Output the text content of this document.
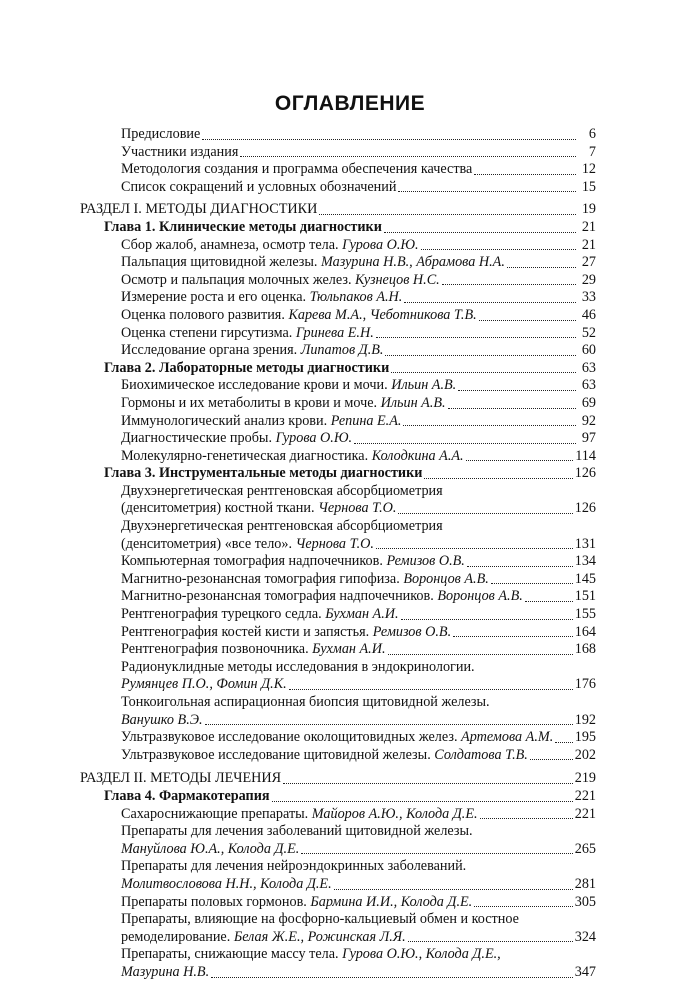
ОГЛАВЛЕНИЕ
Предисловие	6
Участники издания	7
Методология создания и программа обеспечения качества	12
Список сокращений и условных обозначений	15
РАЗДЕЛ I. МЕТОДЫ ДИАГНОСТИКИ	19
Глава 1. Клинические методы диагностики	21
Сбор жалоб, анамнеза, осмотр тела. Гурова О.Ю.	21
Пальпация щитовидной железы. Мазурина Н.В., Абрамова Н.А.	27
Осмотр и пальпация молочных желез. Кузнецов Н.С.	29
Измерение роста и его оценка. Тюльпаков А.Н.	33
Оценка полового развития. Карева М.А., Чеботникова Т.В.	46
Оценка степени гирсутизма. Гринева Е.Н.	52
Исследование органа зрения. Липатов Д.В.	60
Глава 2. Лабораторные методы диагностики	63
Биохимическое исследование крови и мочи. Ильин А.В.	63
Гормоны и их метаболиты в крови и моче. Ильин А.В.	69
Иммунологический анализ крови. Репина Е.А.	92
Диагностические пробы. Гурова О.Ю.	97
Молекулярно-генетическая диагностика. Колодкина А.А.	114
Глава 3. Инструментальные методы диагностики	126
Двухэнергетическая рентгеновская абсорбциометрия
(денситометрия) костной ткани. Чернова Т.О.	126
Двухэнергетическая рентгеновская абсорбциометрия
(денситометрия) «все тело». Чернова Т.О.	131
Компьютерная томография надпочечников. Ремизов О.В.	134
Магнитно-резонансная томография гипофиза. Воронцов А.В.	145
Магнитно-резонансная томография надпочечников. Воронцов А.В.	151
Рентгенография турецкого седла. Бухман А.И.	155
Рентгенография костей кисти и запястья. Ремизов О.В.	164
Рентгенография позвоночника. Бухман А.И.	168
Радионуклидные методы исследования в эндокринологии.
Румянцев П.О., Фомин Д.К.	176
Тонкоигольная аспирационная биопсия щитовидной железы.
Ванушко В.Э.	192
Ультразвуковое исследование околощитовидных желез. Артемова А.М. 195
Ультразвуковое исследование щитовидной железы. Солдатова Т.В.	202
РАЗДЕЛ II. МЕТОДЫ ЛЕЧЕНИЯ	219
Глава 4. Фармакотерапия	221
Сахароснижающие препараты. Майоров А.Ю., Колода Д.Е.	221
Препараты для лечения заболеваний щитовидной железы.
Мануйлова Ю.А., Колода Д.Е.	265
Препараты для лечения нейроэндокринных заболеваний.
Молитвословова Н.Н., Колода Д.Е.	281
Препараты половых гормонов. Бармина И.И., Колода Д.Е.	305
Препараты, влияющие на фосфорно-кальциевый обмен и костное
ремоделирование. Белая Ж.Е., Рожинская Л.Я.	324
Препараты, снижающие массу тела. Гурова О.Ю., Колода Д.Е.,
Мазурина Н.В.	347
